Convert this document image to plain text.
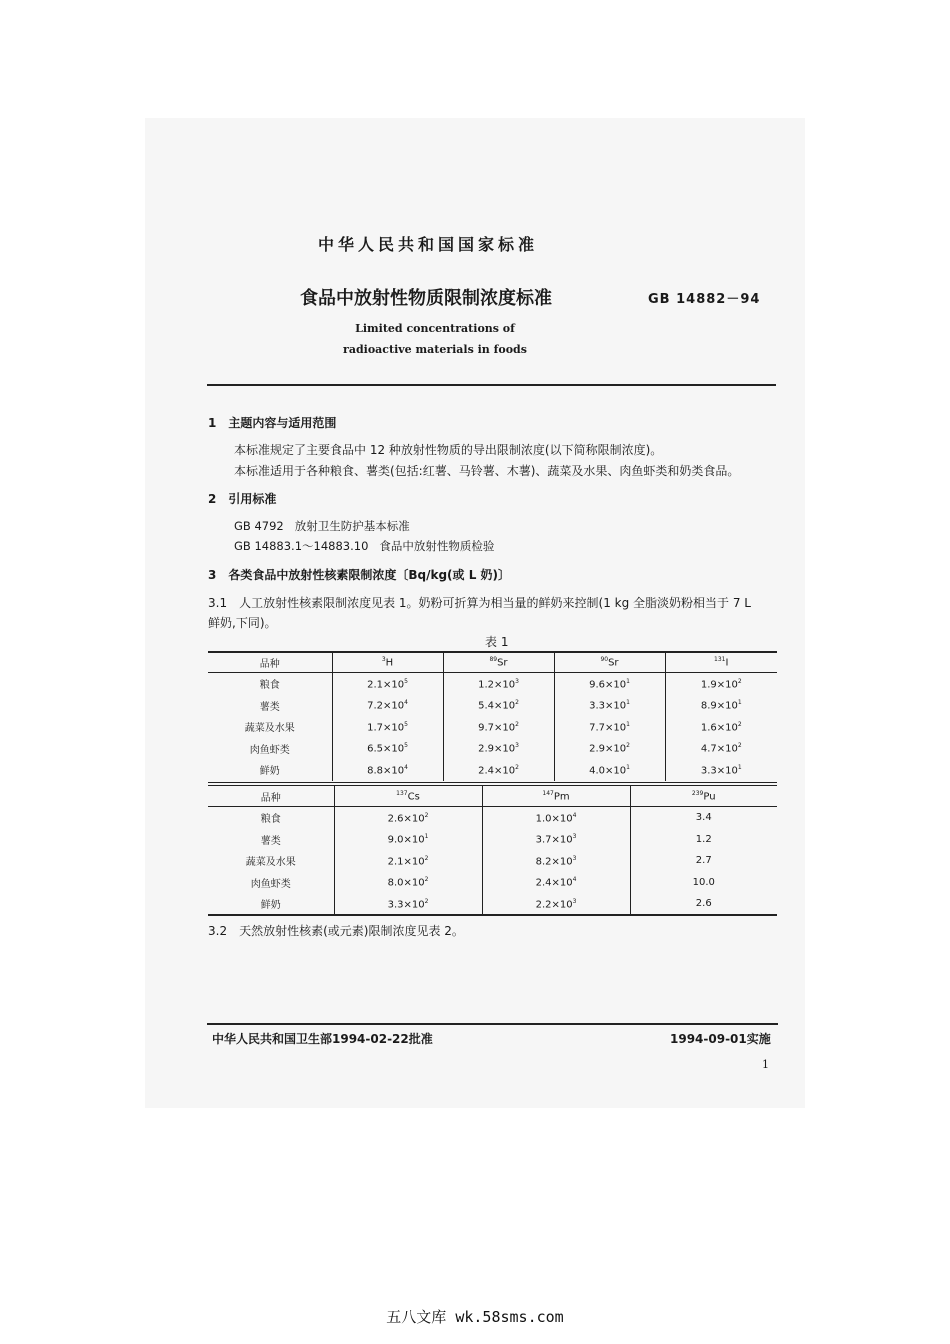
中华人民共和国国家标准
食品中放射性物质限制浓度标准	GB 14882－94
Limited concentrations of
radioactive materials in foods
1　主题内容与适用范围
本标准规定了主要食品中 12 种放射性物质的导出限制浓度(以下简称限制浓度)。
本标准适用于各种粮食、薯类(包括:红薯、马铃薯、木薯)、蔬菜及水果、肉鱼虾类和奶类食品。
2　引用标准
GB 4792 放射卫生防护基本标准
GB 14883.1～14883.10 食品中放射性物质检验
3　各类食品中放射性核素限制浓度〔Bq/kg(或 L 奶)〕
3.1　人工放射性核素限制浓度见表 1。奶粉可折算为相当量的鲜奶来控制(1 kg 全脂淡奶粉相当于 7 L
鲜奶,下同)。
表 1
品种	$^3$H	$^{89}$Sr	$^{90}$Sr	$^{131}$I
粮食	$2.1\times 10^5$	$1.2\times 10^3$	$9.6\times 10^1$	$1.9\times 10^2$
薯类	$7.2\times 10^4$	$5.4\times 10^2$	$3.3\times 10^1$	$8.9\times 10^1$
蔬菜及水果	$1.7\times 10^5$	$9.7\times 10^2$	$7.7\times 10^1$	$1.6\times 10^2$
肉鱼虾类	$6.5\times 10^5$	$2.9\times 10^3$	$2.9\times 10^2$	$4.7\times 10^2$
鲜奶	$8.8\times 10^4$	$2.4\times 10^2$	$4.0\times 10^1$	$3.3\times 10^1$
品种	$^{137}$Cs	$^{147}$Pm	$^{239}$Pu
粮食	$2.6\times 10^2$	$1.0\times 10^4$	3.4
薯类	$9.0\times 10^1$	$3.7\times 10^3$	1.2
蔬菜及水果	$2.1\times 10^2$	$8.2\times 10^3$	2.7
肉鱼虾类	$8.0\times 10^2$	$2.4\times 10^4$	10.0
鲜奶	$3.3\times 10^2$	$2.2\times 10^3$	2.6
3.2　天然放射性核素(或元素)限制浓度见表 2。
中华人民共和国卫生部1994-02-22批准	1994-09-01实施
1
五八文库 wk.58sms.com
